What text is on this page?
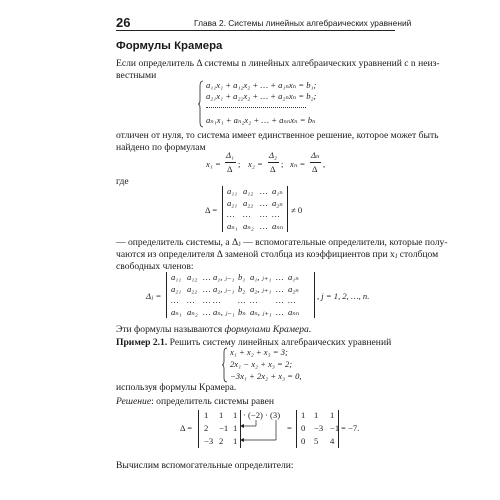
26	Глава 2. Системы линейных алгебраических уравнений
Формулы Крамера
Если определитель Δ системы n линейных алгебраических уравнений с n неиз-
вестными
a₁₁x₁ + a₁₂x₂ + … + a₁ₙxₙ = b₁;
a₂₁x₁ + a₂₂x₂ + … + a₂ₙxₙ = b₂;
aₙ₁x₁ + aₙ₂x₂ + … + aₙₙxₙ = bₙ
отличен от нуля, то система имеет единственное решение, которое может быть
найдено по формулам
x₁ =
Δ₁
Δ ; x₂ =
Δ₂
Δ ; xₙ =
Δₙ
Δ ,
где
Δ =	≠ 0
a₁₁ a₁₂ … a₁ₙ
a₂₁ a₂₂ … a₂ₙ
… … … …
aₙ₁ aₙ₂ … aₙₙ
— определитель системы, а Δⱼ — вспомогательные определители, которые полу-
чаются из определителя Δ заменой столбца из коэффициентов при xⱼ столбцом
свободных членов:
Δⱼ =	, j = 1, 2, …, n.
a₁₁ a₁₂ … a₁, ⱼ₋₁ b₁ a₁, ⱼ₊₁ … a₁ₙ
a₂₁ a₂₂ … a₂, ⱼ₋₁ b₂ a₂, ⱼ₊₁ … a₂ₙ
… … … … … … … …
aₙ₁ aₙ₂ … aₙ, ⱼ₋₁ bₙ aₙ, ⱼ₊₁ … aₙₙ
Эти формулы называются формулами Крамера.
Пример 2.1. Решить систему линейных алгебраических уравнений
x₁ + x₂ + x₃ = 3;
2x₁ − x₂ + x₃ = 2;
−3x₁ + 2x₂ + x₃ = 0,
используя формулы Крамера.
Решение: определитель системы равен
Δ =
· (−2) · (3)
=	= −7.
1 1 1	1 1 1
2 −1 1	0 −3 −1
−3 2 1	0 5 4
Вычислим вспомогательные определители:
